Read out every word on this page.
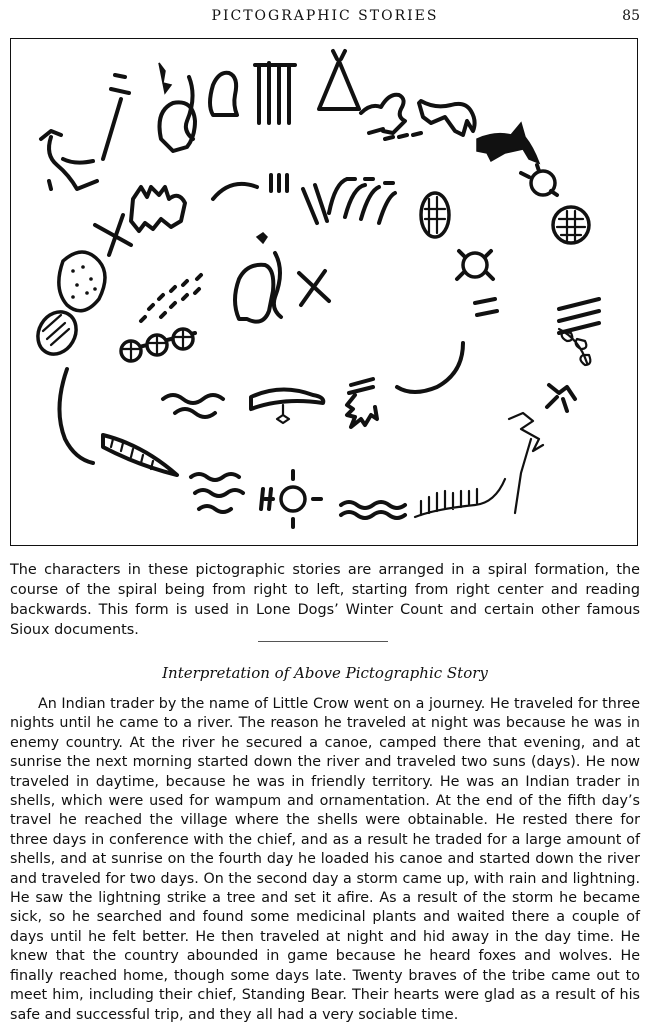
PICTOGRAPHIC STORIES	85
The characters in these pictographic stories are arranged in a spiral formation, the course of the spiral being from right to left, starting from right center and reading backwards. This form is used in Lone Dogs’ Winter Count and certain other famous Sioux documents.
Interpretation of Above Pictographic Story
An Indian trader by the name of Little Crow went on a journey. He traveled for three nights until he came to a river. The reason he traveled at night was because he was in enemy country. At the river he secured a canoe, camped there that evening, and at sunrise the next morning started down the river and traveled two suns (days). He now traveled in daytime, because he was in friendly territory. He was an Indian trader in shells, which were used for wampum and ornamentation. At the end of the fifth day’s travel he reached the village where the shells were obtainable. He rested there for three days in conference with the chief, and as a result he traded for a large amount of shells, and at sunrise on the fourth day he loaded his canoe and started down the river and traveled for two days. On the second day a storm came up, with rain and lightning. He saw the lightning strike a tree and set it afire. As a result of the storm he became sick, so he searched and found some medicinal plants and waited there a couple of days until he felt better. He then traveled at night and hid away in the day time. He knew that the country abounded in game because he heard foxes and wolves. He finally reached home, though some days late. Twenty braves of the tribe came out to meet him, including their chief, Standing Bear. Their hearts were glad as a result of his safe and successful trip, and they all had a very sociable time.
